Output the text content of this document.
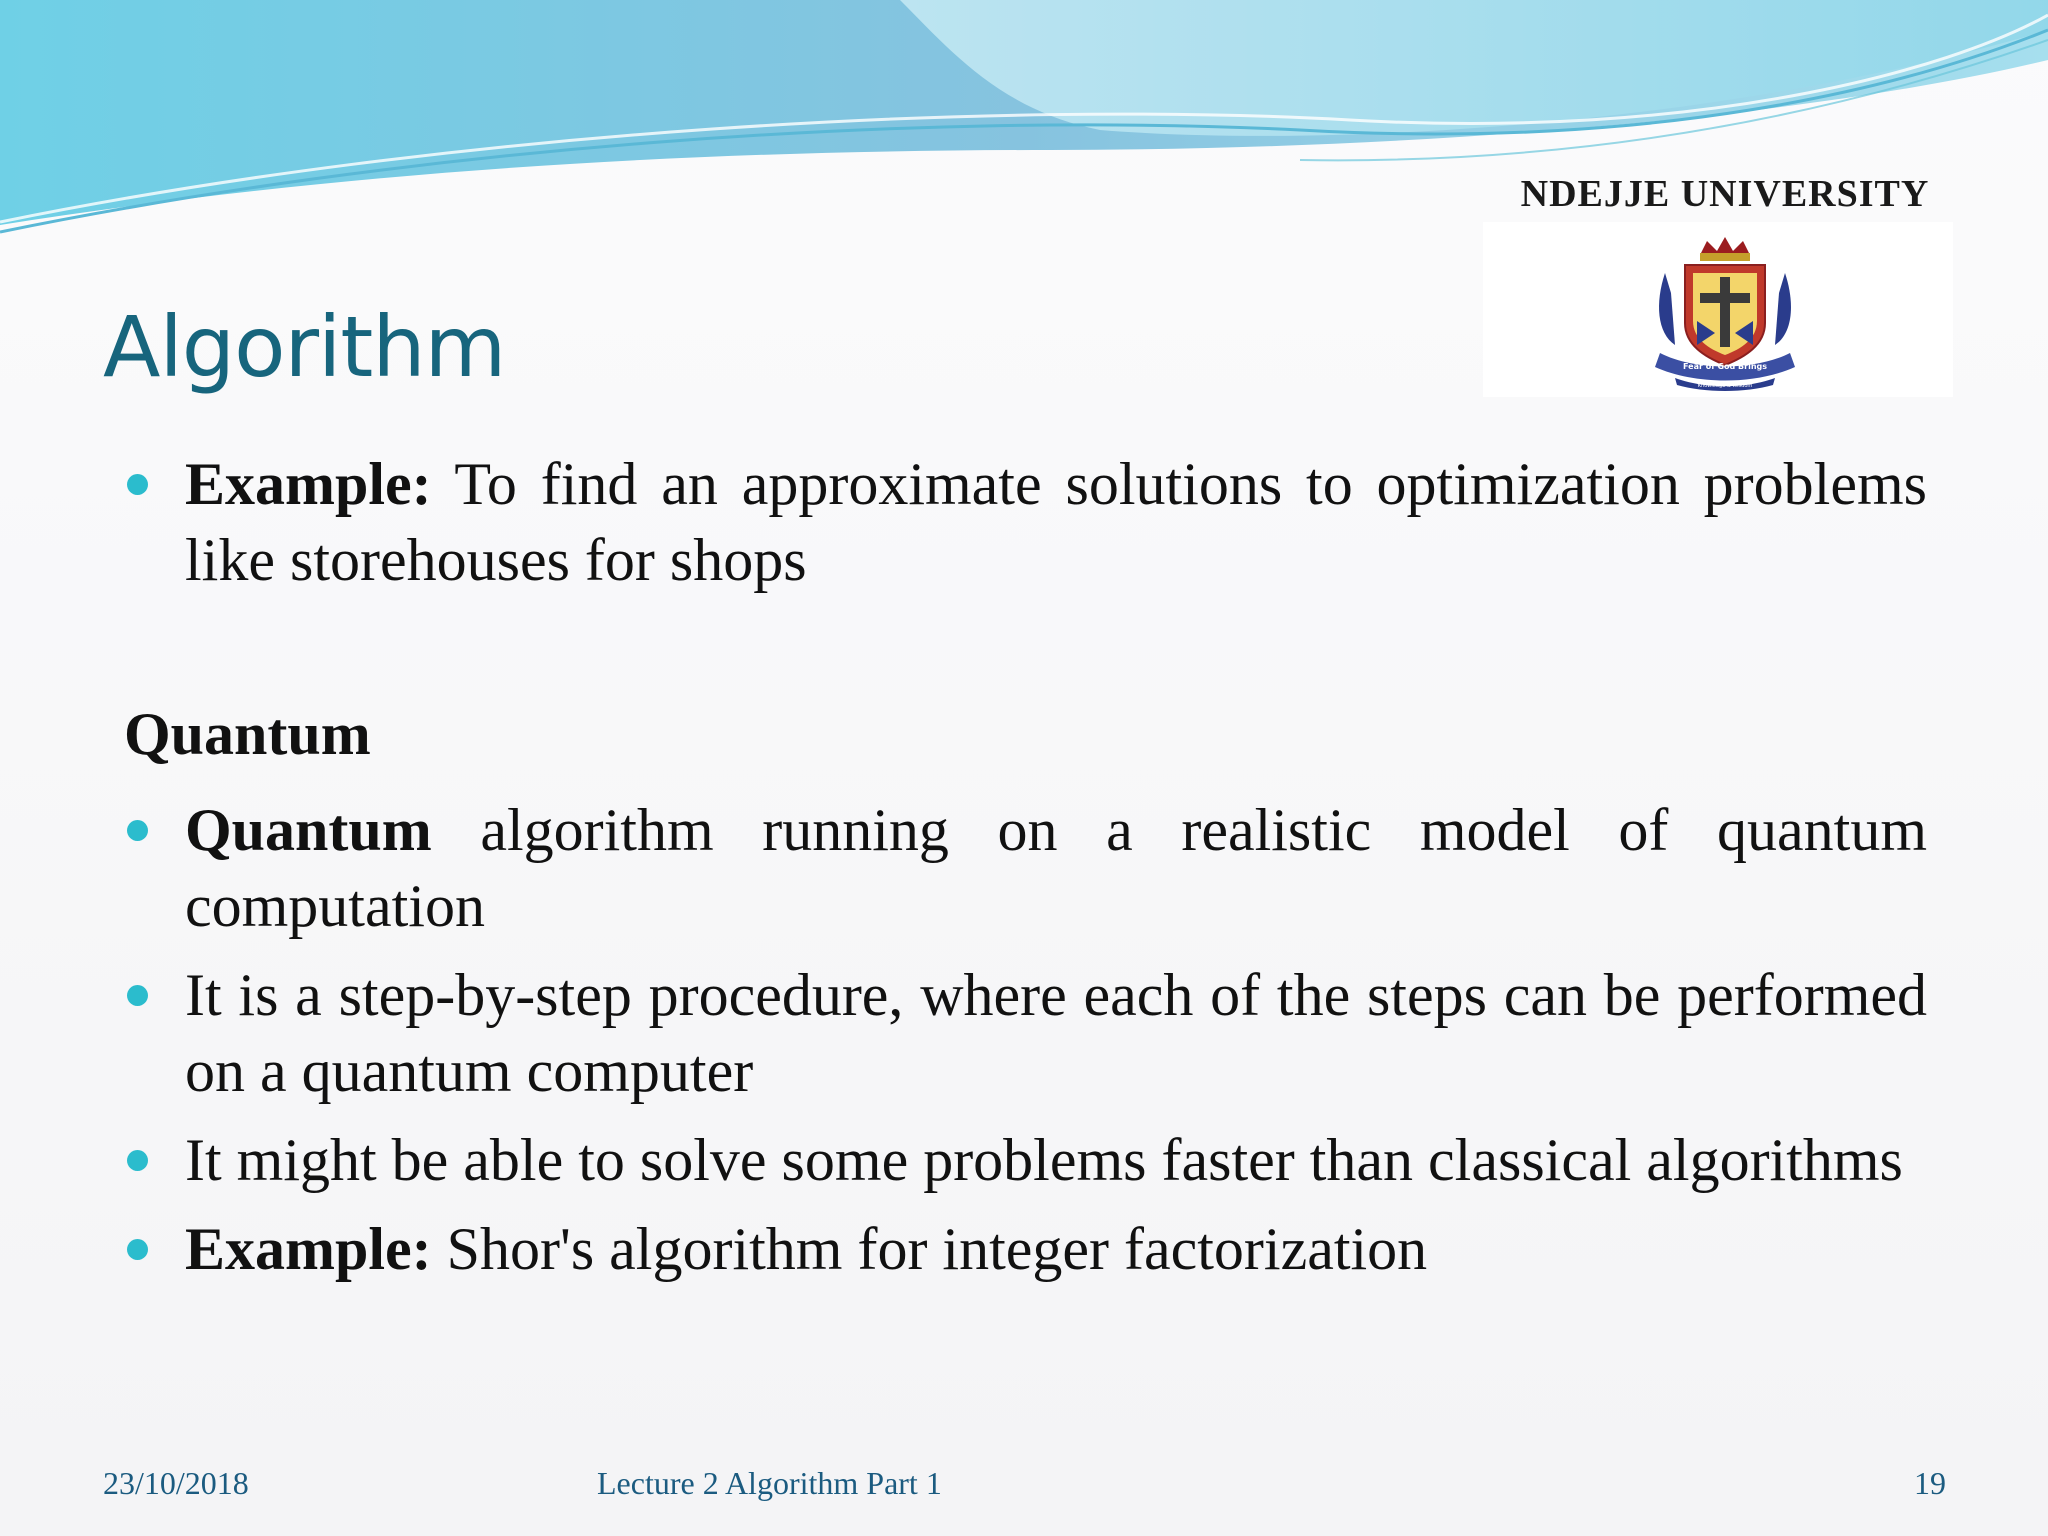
NDEJJE UNIVERSITY
Fear of God Brings
Knowledge & Wisdom
Algorithm
Example: To find an approximate solutions to optimization problems like storehouses for shops
Quantum
Quantum algorithm running on a realistic model of quantum computation
It is a step-by-step procedure, where each of the steps can be performed on a quantum computer
It might be able to solve some problems faster than classical algorithms
Example: Shor's algorithm for integer factorization
23/10/2018	Lecture 2 Algorithm Part 1	19
